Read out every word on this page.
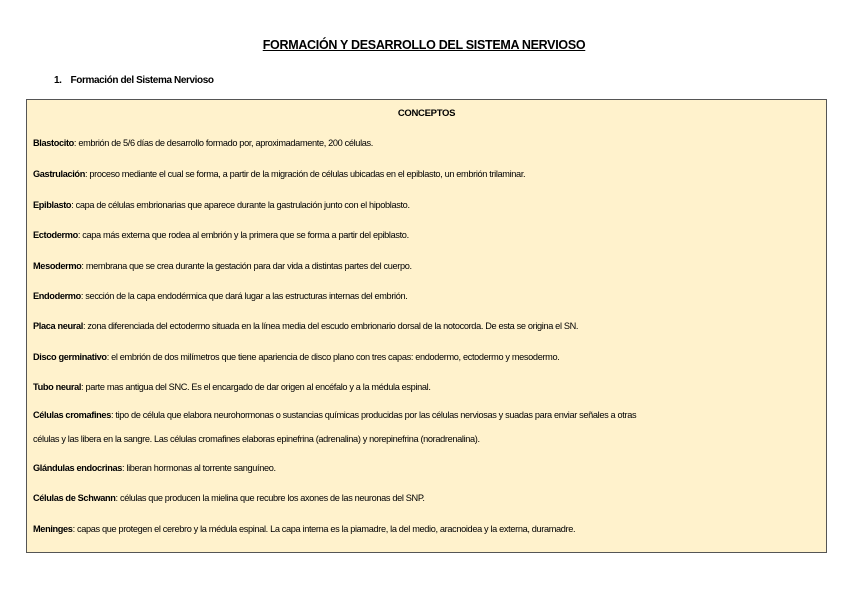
FORMACIÓN Y DESARROLLO DEL SISTEMA NERVIOSO
1. Formación del Sistema Nervioso
CONCEPTOS
Blastocito: embrión de 5/6 días de desarrollo formado por, aproximadamente, 200 células.
Gastrulación: proceso mediante el cual se forma, a partir de la migración de células ubicadas en el epiblasto, un embrión trilaminar.
Epiblasto: capa de células embrionarias que aparece durante la gastrulación junto con el hipoblasto.
Ectodermo: capa más externa que rodea al embrión y la primera que se forma a partir del epiblasto.
Mesodermo: membrana que se crea durante la gestación para dar vida a distintas partes del cuerpo.
Endodermo: sección de la capa endodérmica que dará lugar a las estructuras internas del embrión.
Placa neural: zona diferenciada del ectodermo situada en la línea media del escudo embrionario dorsal de la notocorda. De esta se origina el SN.
Disco germinativo: el embrión de dos milímetros que tiene apariencia de disco plano con tres capas: endodermo, ectodermo y mesodermo.
Tubo neural: parte mas antigua del SNC. Es el encargado de dar origen al encéfalo y a la médula espinal.
Células cromafines: tipo de célula que elabora neurohormonas o sustancias químicas producidas por las células nerviosas y suadas para enviar señales a otras
células y las libera en la sangre. Las células cromafines elaboras epinefrina (adrenalina) y norepinefrina (noradrenalina).
Glándulas endocrinas: liberan hormonas al torrente sanguíneo.
Células de Schwann: células que producen la mielina que recubre los axones de las neuronas del SNP.
Meninges: capas que protegen el cerebro y la médula espinal. La capa interna es la piamadre, la del medio, aracnoidea y la externa, duramadre.
